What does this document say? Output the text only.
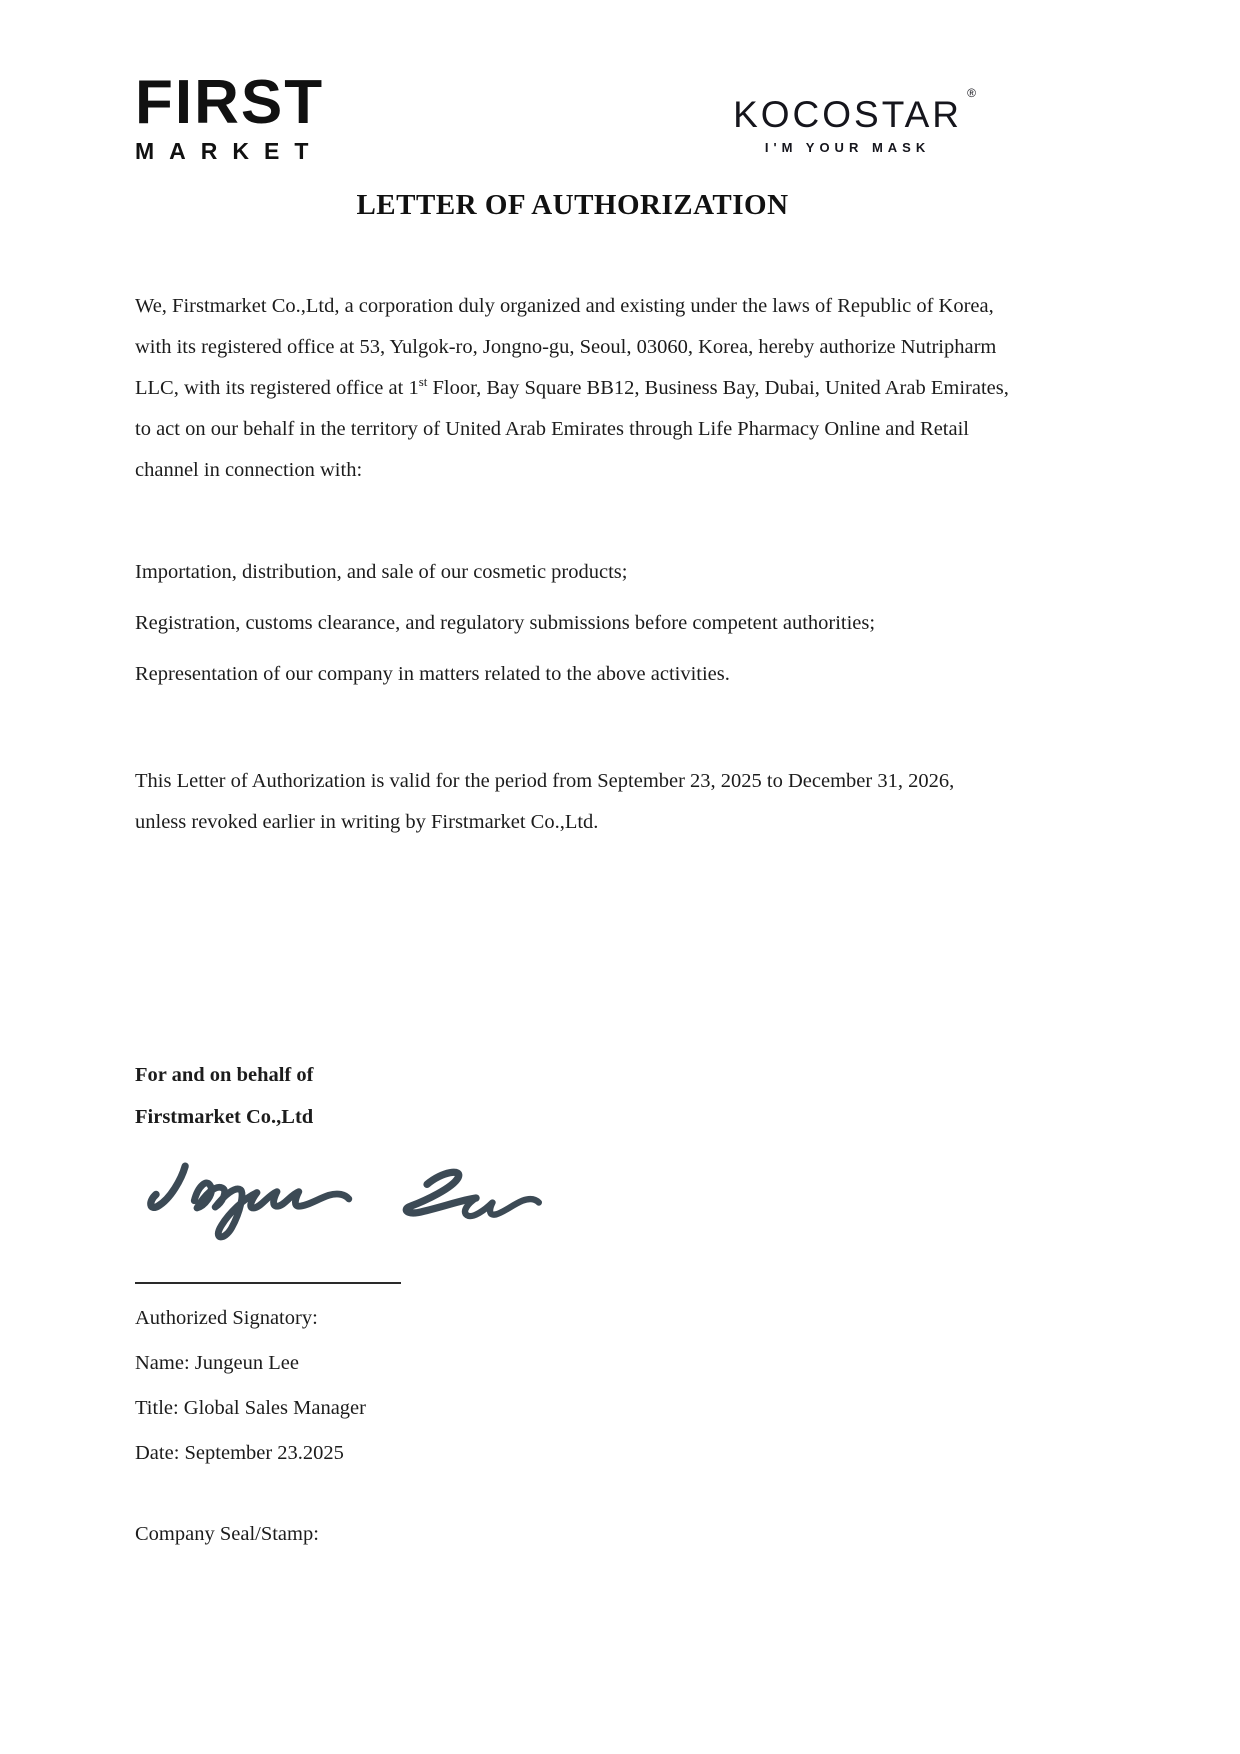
FIRST
MARKET
KOCOSTAR
®
I'M YOUR MASK
LETTER OF AUTHORIZATION

We, Firstmarket Co.,Ltd, a corporation duly organized and existing under the laws of Republic of Korea, with its registered office at 53, Yulgok-ro, Jongno-gu, Seoul, 03060, Korea, hereby authorize Nutripharm LLC, with its registered office at 1st Floor, Bay Square BB12, Business Bay, Dubai, United Arab Emirates, to act on our behalf in the territory of United Arab Emirates through Life Pharmacy Online and Retail channel in connection with:

Importation, distribution, and sale of our cosmetic products;

Registration, customs clearance, and regulatory submissions before competent authorities;

Representation of our company in matters related to the above activities.

This Letter of Authorization is valid for the period from September 23, 2025 to December 31, 2026, unless revoked earlier in writing by Firstmarket Co.,Ltd.

For and on behalf of
Firstmarket Co.,Ltd
Authorized Signatory:
Name: Jungeun Lee
Title: Global Sales Manager
Date: September 23.2025
Company Seal/Stamp:
